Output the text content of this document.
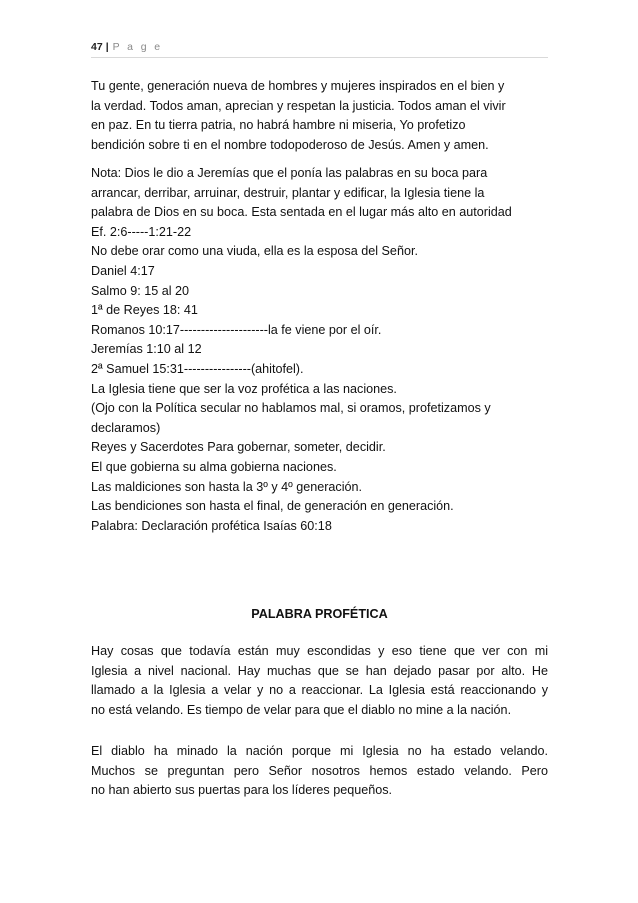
47 | P a g e
Tu gente, generación nueva de hombres y mujeres inspirados en el bien y
la verdad. Todos aman, aprecian y respetan la justicia. Todos aman el vivir
en paz. En tu tierra patria, no habrá hambre ni miseria, Yo profetizo
bendición sobre ti en el nombre todopoderoso de Jesús. Amen y amen.
Nota: Dios le dio a Jeremías que el ponía las palabras en su boca para
arrancar, derribar, arruinar, destruir, plantar y edificar, la Iglesia tiene la
palabra de Dios en su boca. Esta sentada en el lugar más alto en autoridad
Ef. 2:6-----1:21-22
No debe orar como una viuda, ella es la esposa del Señor.
Daniel 4:17
Salmo 9: 15 al 20
1ª de Reyes 18: 41
Romanos 10:17---------------------la fe viene por el oír.
Jeremías 1:10 al 12
2ª Samuel 15:31----------------(ahitofel).
La Iglesia tiene que ser la voz profética a las naciones.
(Ojo con la Política secular no hablamos mal, si oramos, profetizamos y
declaramos)
Reyes y Sacerdotes Para gobernar, someter, decidir.
El que gobierna su alma gobierna naciones.
Las maldiciones son hasta la 3º y 4º generación.
Las bendiciones son hasta el final, de generación en generación.
Palabra: Declaración profética Isaías 60:18
PALABRA PROFÉTICA
Hay cosas que todavía están muy escondidas y eso tiene que ver con mi
Iglesia a nivel nacional. Hay muchas que se han dejado pasar por alto. He
llamado a la Iglesia a velar y no a reaccionar. La Iglesia está reaccionando y
no está velando. Es tiempo de velar para que el diablo no mine a la nación.
El diablo ha minado la nación porque mi Iglesia no ha estado velando.
Muchos se preguntan pero Señor nosotros hemos estado velando. Pero
no han abierto sus puertas para los líderes pequeños.
